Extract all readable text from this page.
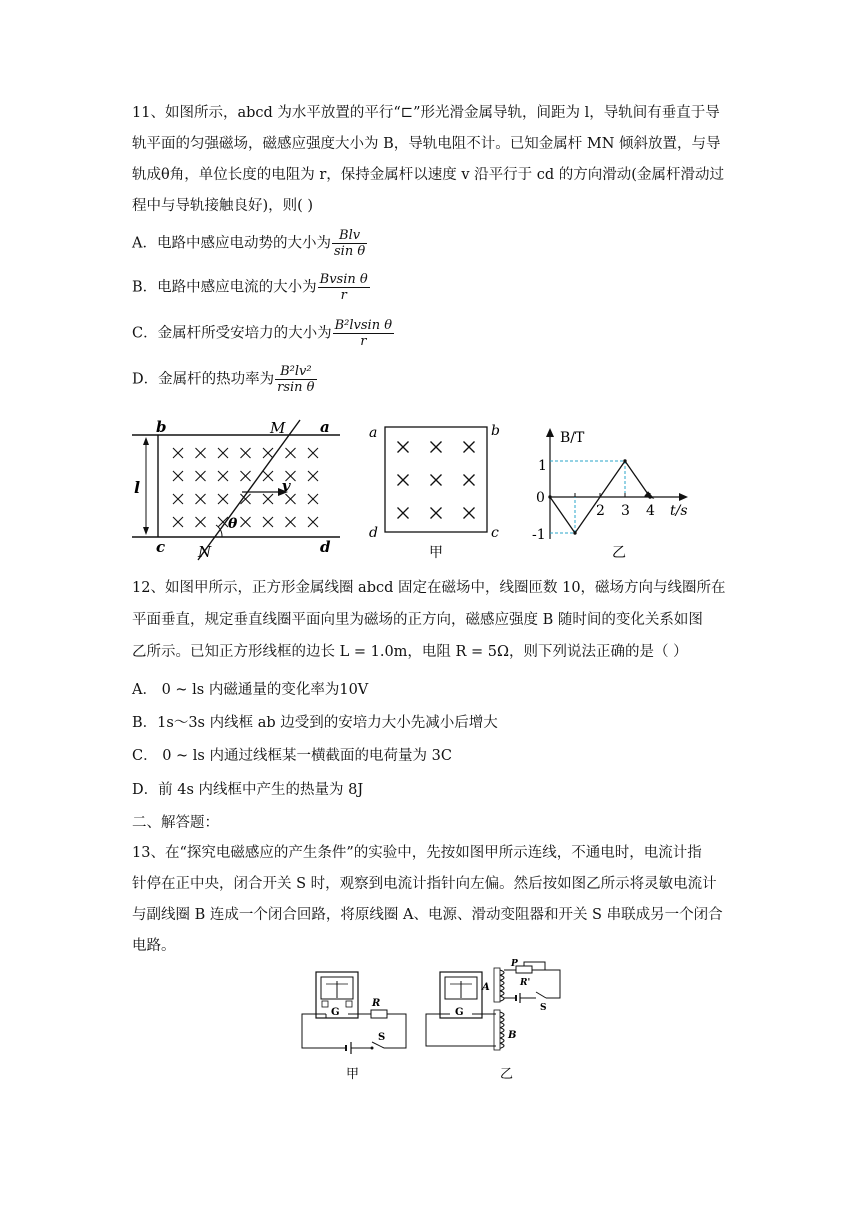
11、如图所示，abcd 为水平放置的平行“⊏”形光滑金属导轨，间距为 l，导轨间有垂直于导
轨平面的匀强磁场，磁感应强度大小为 B，导轨电阻不计。已知金属杆 MN 倾斜放置，与导
轨成θ角，单位长度的电阻为 r，保持金属杆以速度 v 沿平行于 cd 的方向滑动(金属杆滑动过
程中与导轨接触良好)，则( )
A．电路中感应电动势的大小为 $\frac{\text{Blv}}{\text{sin θ}}$
B．电路中感应电流的大小为 $\frac{\text{Bvsin θ}}{r}$
C．金属杆所受安培力的大小为 $\frac{\text{B²lvsin θ}}{r}$
D．金属杆的热功率为 $\frac{\text{B²lv²}}{\text{rsin θ}}$
b	a
c	d
M
N
l	v
θ
a	b
c
d
甲
B/T
t/s
0
1
-1
2 3 4
乙
12、如图甲所示，正方形金属线圈 abcd 固定在磁场中，线圈匝数 10，磁场方向与线圈所在
平面垂直，规定垂直线圈平面向里为磁场的正方向，磁感应强度 B 随时间的变化关系如图
乙所示。已知正方形线框的边长 L = 1.0m，电阻 R = 5Ω，则下列说法正确的是（ ）
A． 0 ~ ls 内磁通量的变化率为10V
B．1s～3s 内线框 ab 边受到的安培力大小先减小后增大
C． 0 ~ ls 内通过线框某一横截面的电荷量为 3C
D．前 4s 内线框中产生的热量为 8J
二、解答题：
13、在“探究电磁感应的产生条件”的实验中，先按如图甲所示连线，不通电时，电流计指
针停在正中央，闭合开关 S 时，观察到电流计指针向左偏。然后按如图乙所示将灵敏电流计
与副线圈 B 连成一个闭合回路，将原线圈 A、电源、滑动变阻器和开关 S 串联成另一个闭合
电路。
G
R
S
甲
G
B
A
P
R'
S
乙
